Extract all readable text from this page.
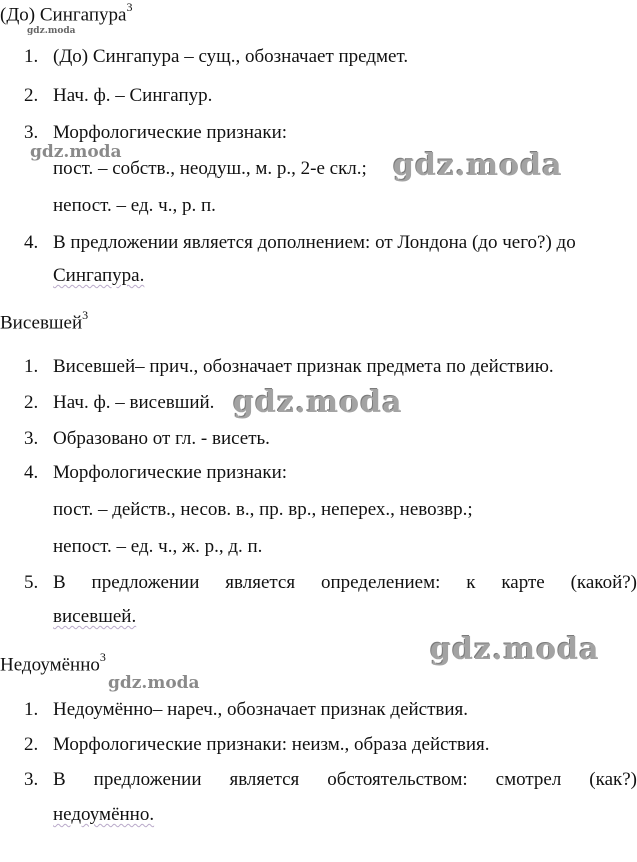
(До) Сингапура$^3$
gdz.moda
1. (До) Сингапура – сущ., обозначает предмет.
2. Нач. ф. – Сингапур.
3. Морфологические признаки:
gdz.moda
пост. – собств., неодуш., м. р., 2-е скл.; gdz.moda
непост. – ед. ч., р. п.
4. В предложении является дополнением: от Лондона (до чего?) до
Сингапура.
Висевшей$^3$
1. Висевшей– прич., обозначает признак предмета по действию.
2. Нач. ф. – висевший. gdz.moda
3. Образовано от гл. - висеть.
4. Морфологические признаки:
пост. – действ., несов. в., пр. вр., неперех., невозвр.;
непост. – ед. ч., ж. р., д. п.
5. В предложении является определением: к карте (какой?)
висевшей.
gdz.moda
Недоумённо$^3$
gdz.moda
1. Недоумённо– нареч., обозначает признак действия.
2. Морфологические признаки: неизм., образа действия.
3. В предложении является обстоятельством: смотрел (как?)
недоумённо.
